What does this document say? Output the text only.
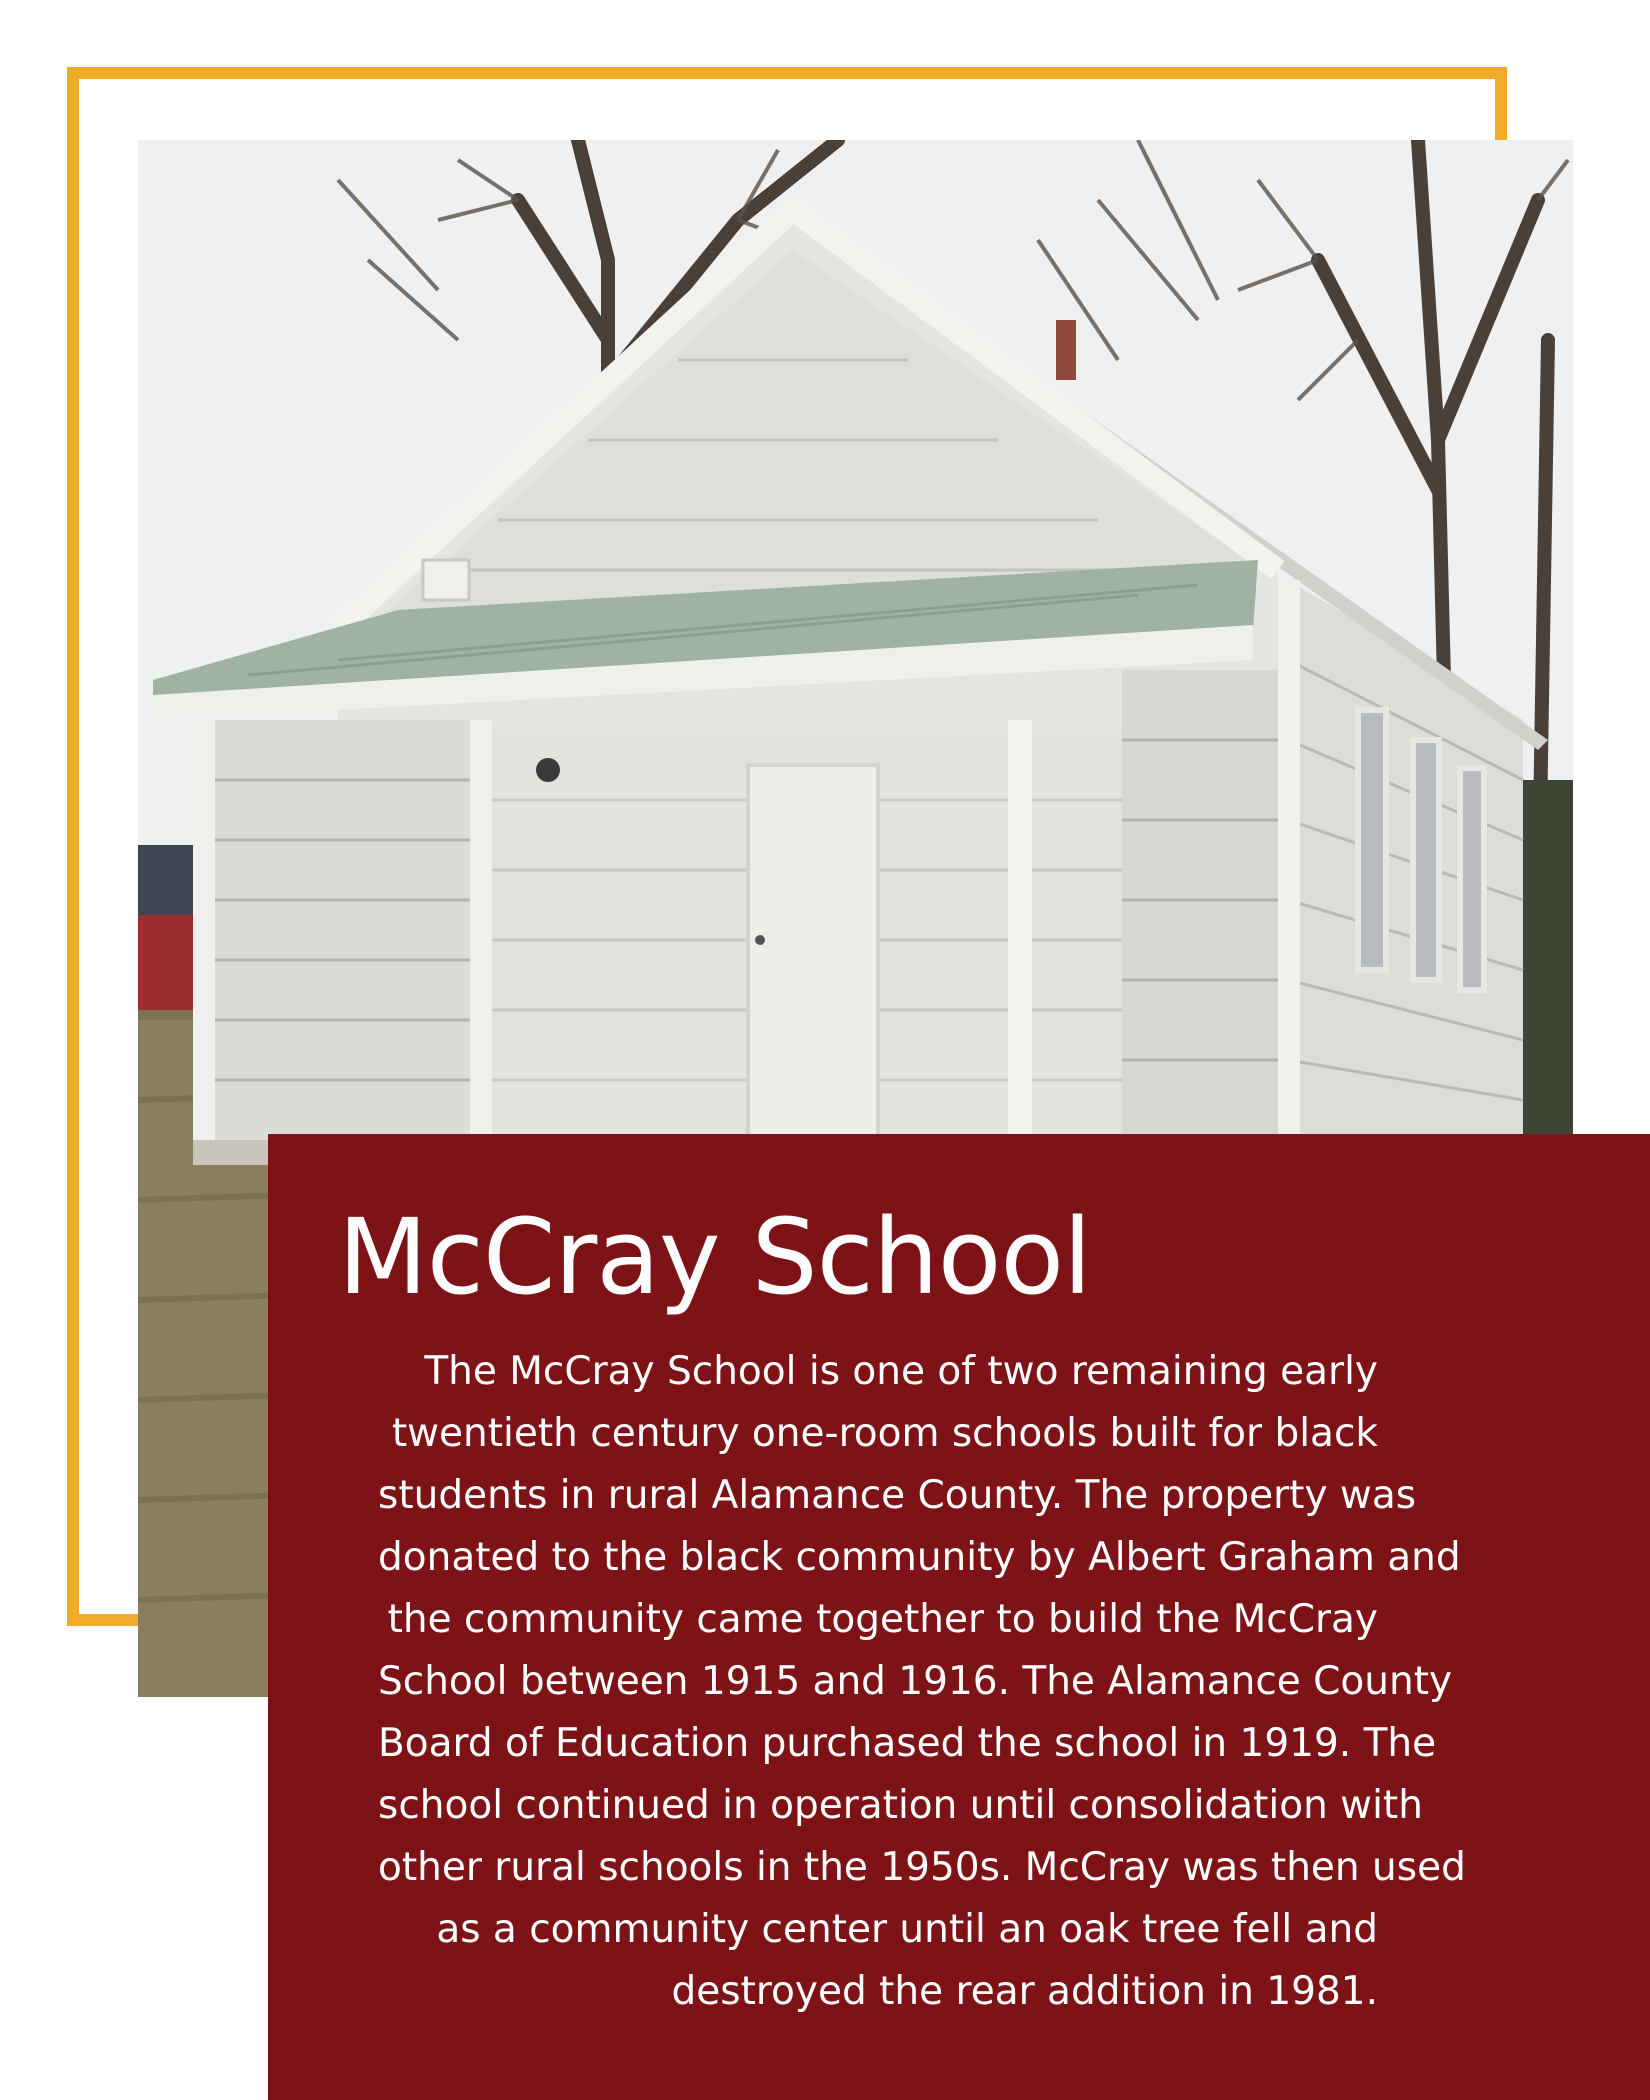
McCray School

The McCray School is one of two remaining early
twentieth century one-room schools built for black
students in rural Alamance County. The property was
donated to the black community by Albert Graham and
the community came together to build the McCray
School between 1915 and 1916. The Alamance County
Board of Education purchased the school in 1919. The
school continued in operation until consolidation with
other rural schools in the 1950s. McCray was then used
as a community center until an oak tree fell and
destroyed the rear addition in 1981.
